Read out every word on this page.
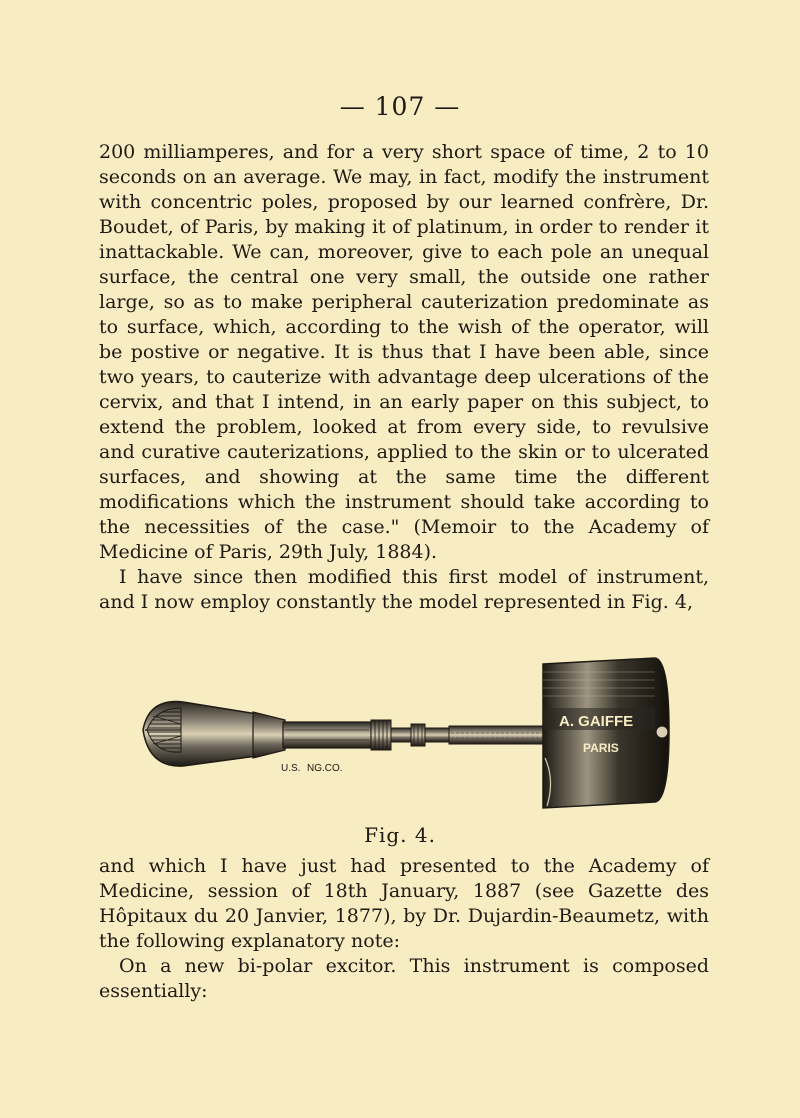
— 107 —

200 milliamperes, and for a very short space of time, 2 to 10 seconds on an average. We may, in fact, modify the instrument with concentric poles, proposed by our learned confrère, Dr. Boudet, of Paris, by making it of platinum, in order to render it inattackable. We can, moreover, give to each pole an unequal surface, the central one very small, the outside one rather large, so as to make peripheral cauterization predominate as to surface, which, according to the wish of the operator, will be postive or negative. It is thus that I have been able, since two years, to cauterize with advantage deep ulcerations of the cervix, and that I intend, in an early paper on this subject, to extend the problem, looked at from every side, to revulsive and curative cauterizations, applied to the skin or to ulcerated surfaces, and showing at the same time the different modifications which the instrument should take according to the necessities of the case." (Memoir to the Academy of Medicine of Paris, 29th July, 1884).

I have since then modified this first model of instrument, and I now employ constantly the model represented in Fig. 4,

U.S. NG.CO.
A. GAIFFE
PARIS
Fig. 4.

and which I have just had presented to the Academy of Medicine, session of 18th January, 1887 (see Gazette des Hôpitaux du 20 Janvier, 1877), by Dr. Dujardin-Beaumetz, with the following explanatory note:

On a new bi-polar excitor. This instrument is composed essentially:
